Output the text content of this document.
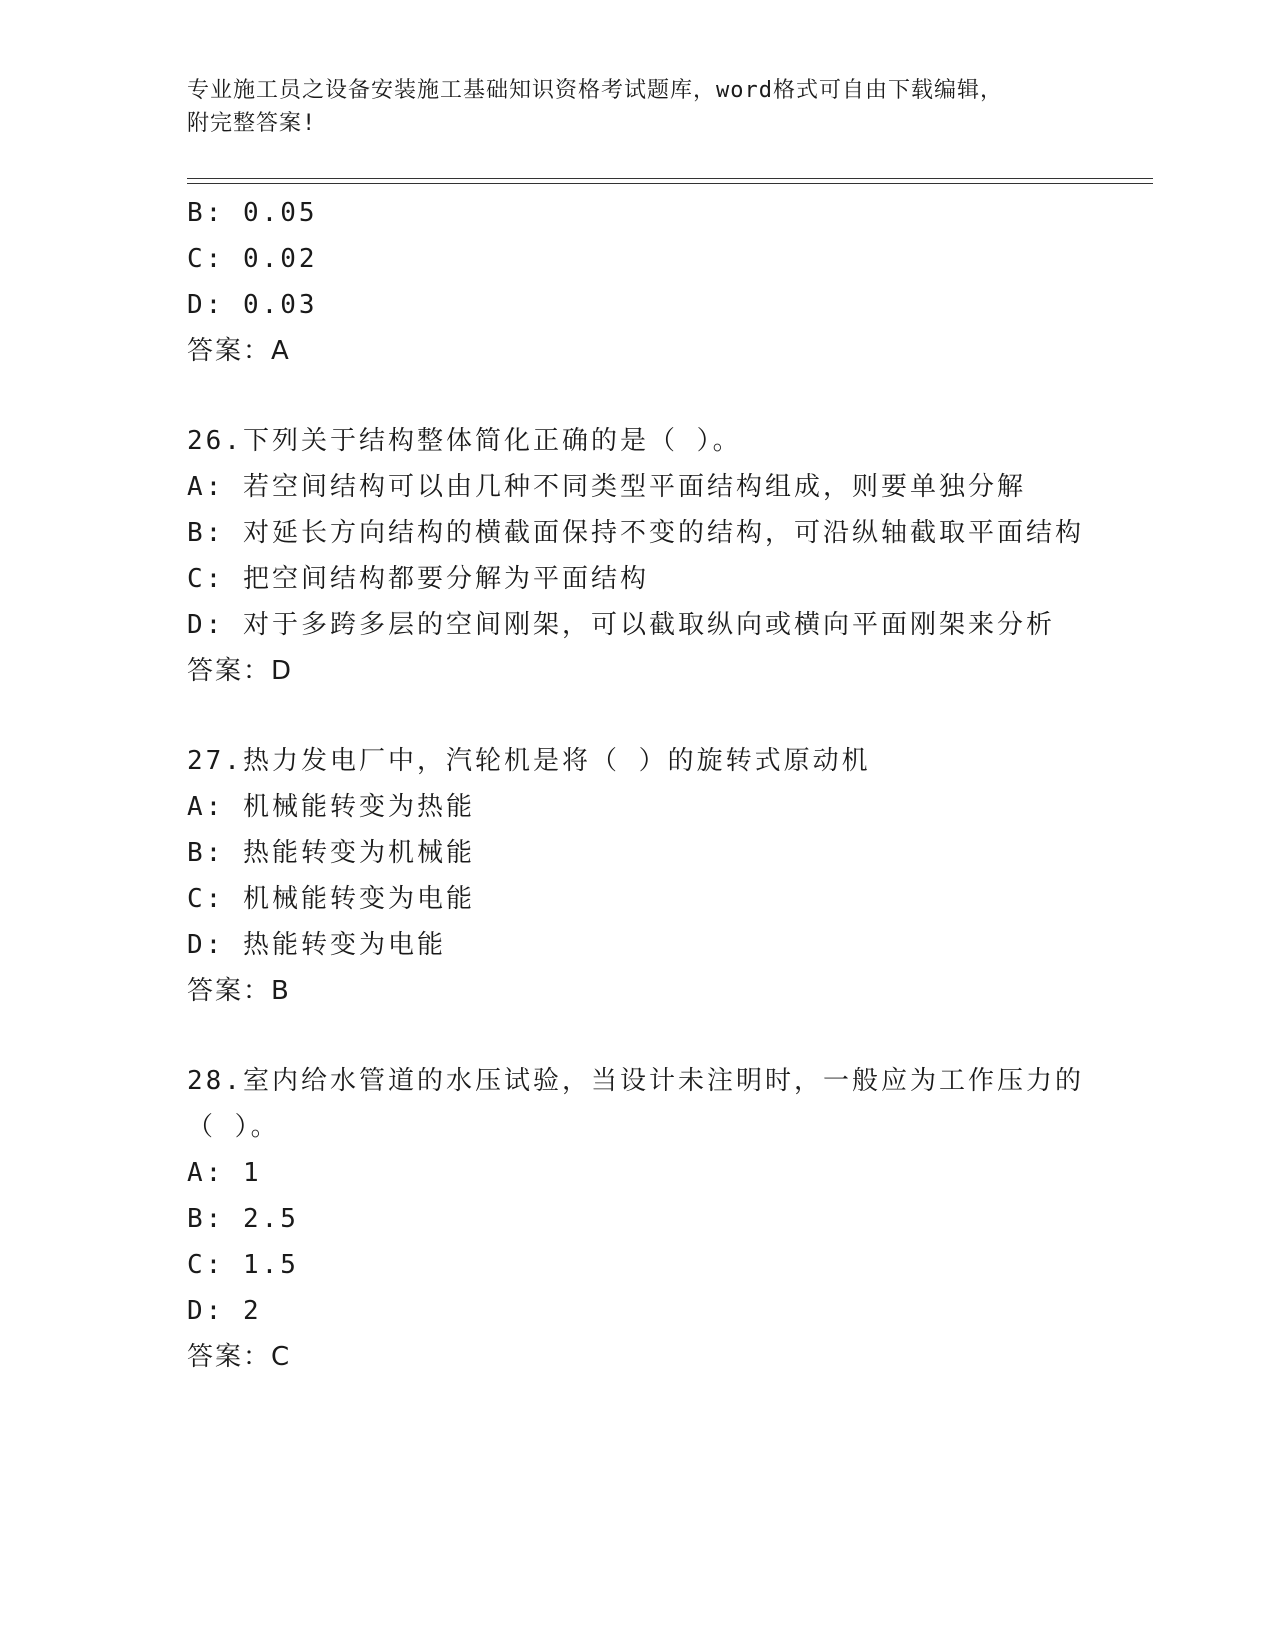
专业施工员之设备安装施工基础知识资格考试题库，word格式可自由下载编辑，
附完整答案!
B: 0.05
C: 0.02
D: 0.03
答案：A
26.下列关于结构整体简化正确的是（ ）。
A: 若空间结构可以由几种不同类型平面结构组成，则要单独分解
B: 对延长方向结构的横截面保持不变的结构，可沿纵轴截取平面结构
C: 把空间结构都要分解为平面结构
D: 对于多跨多层的空间刚架，可以截取纵向或横向平面刚架来分析
答案：D
27.热力发电厂中，汽轮机是将（ ）的旋转式原动机
A: 机械能转变为热能
B: 热能转变为机械能
C: 机械能转变为电能
D: 热能转变为电能
答案：B
28.室内给水管道的水压试验，当设计未注明时，一般应为工作压力的
（ ）。
A: 1
B: 2.5
C: 1.5
D: 2
答案：C
